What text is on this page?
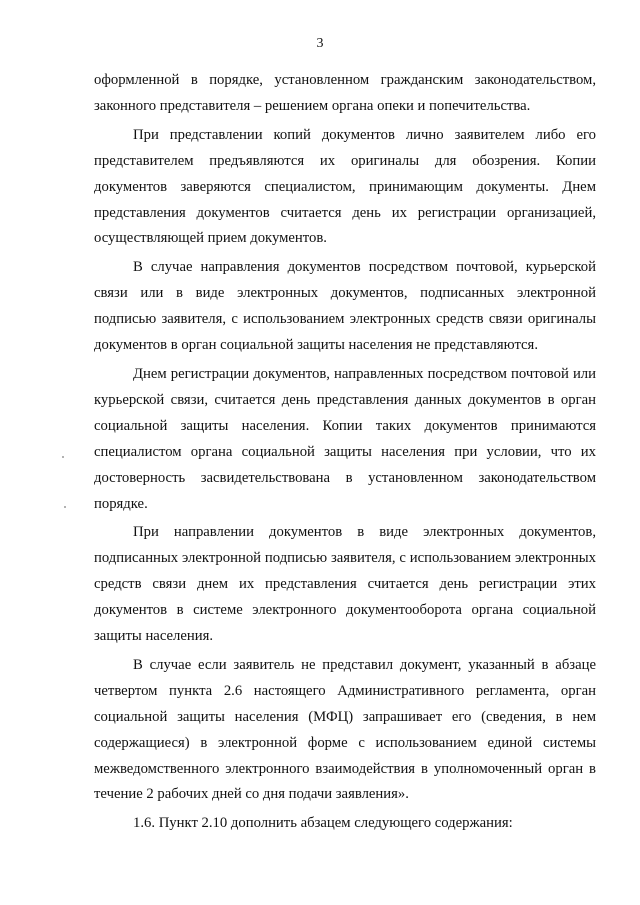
3

оформленной в порядке, установленном гражданским законодательством, законного представителя – решением органа опеки и попечительства.

При представлении копий документов лично заявителем либо его представителем предъявляются их оригиналы для обозрения. Копии документов заверяются специалистом, принимающим документы. Днем представления документов считается день их регистрации организацией, осуществляющей прием документов.

В случае направления документов посредством почтовой, курьерской связи или в виде электронных документов, подписанных электронной подписью заявителя, с использованием электронных средств связи оригиналы документов в орган социальной защиты населения не представляются.

Днем регистрации документов, направленных посредством почтовой или курьерской связи, считается день представления данных документов в орган социальной защиты населения. Копии таких документов принимаются специалистом органа социальной защиты населения при условии, что их достоверность засвидетельствована в установленном законодательством порядке.

При направлении документов в виде электронных документов, подписанных электронной подписью заявителя, с использованием электронных средств связи днем их представления считается день регистрации этих документов в системе электронного документооборота органа социальной защиты населения.

В случае если заявитель не представил документ, указанный в абзаце четвертом пункта 2.6 настоящего Административного регламента, орган социальной защиты населения (МФЦ) запрашивает его (сведения, в нем содержащиеся) в электронной форме с использованием единой системы межведомственного электронного взаимодействия в уполномоченный орган в течение 2 рабочих дней со дня подачи заявления».

1.6. Пункт 2.10 дополнить абзацем следующего содержания:
